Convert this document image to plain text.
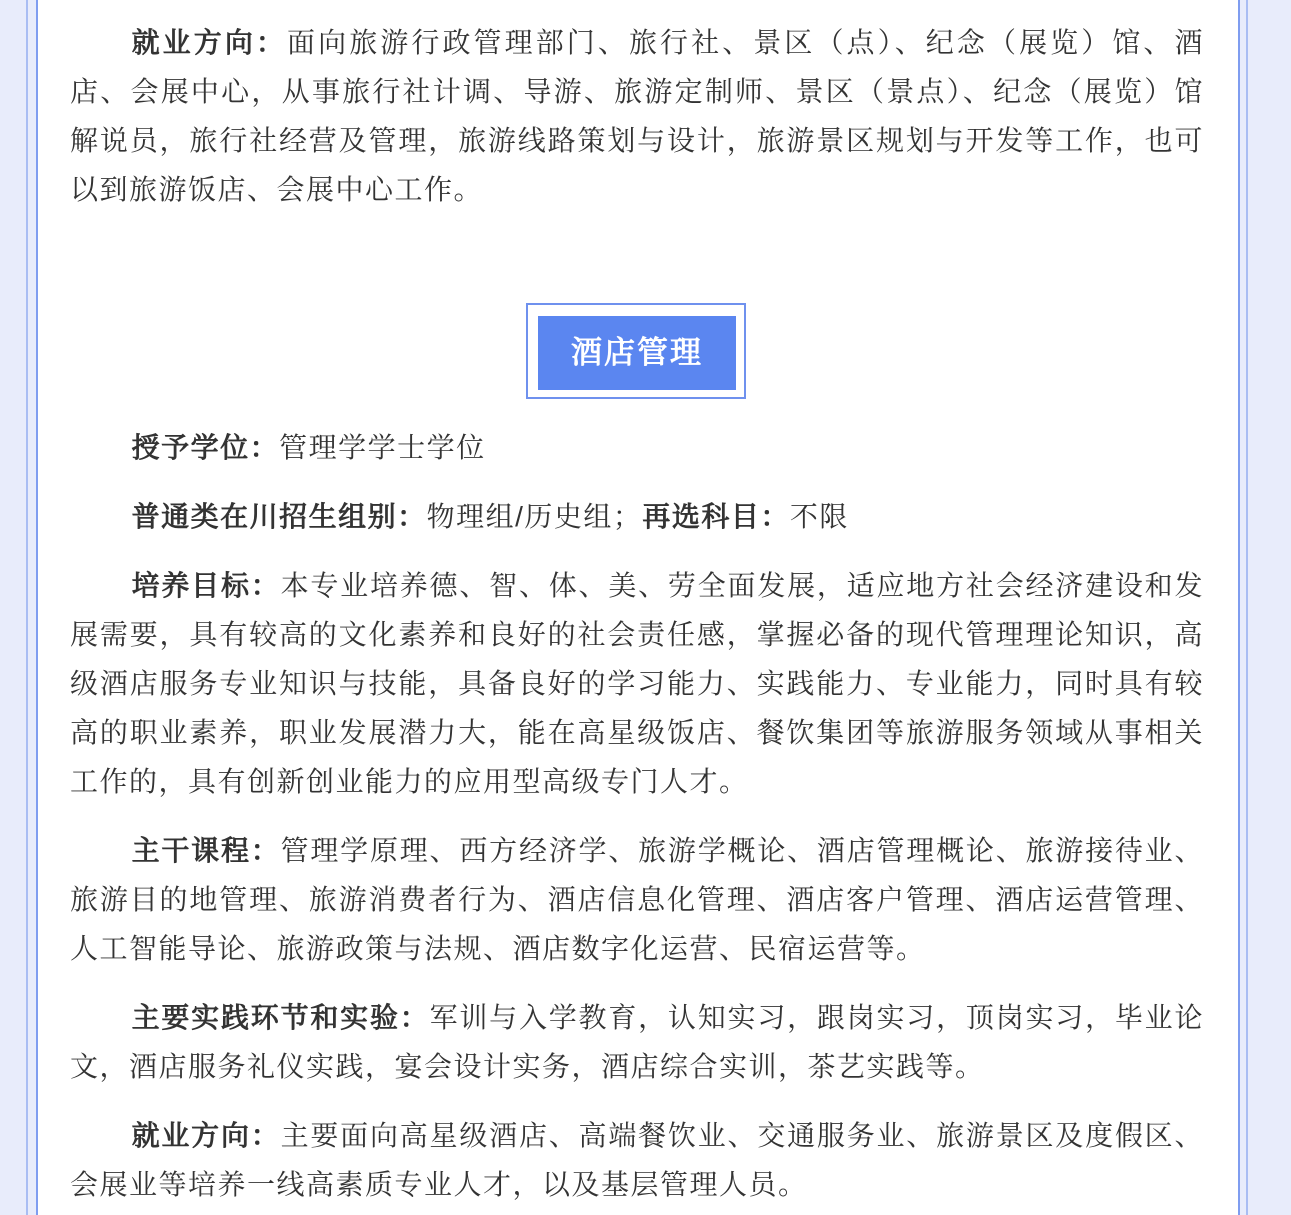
就业方向：面向旅游行政管理部门、旅行社、景区（点）、纪念（展览）馆、酒店、会展中心，从事旅行社计调、导游、旅游定制师、景区（景点）、纪念（展览）馆解说员，旅行社经营及管理，旅游线路策划与设计，旅游景区规划与开发等工作，也可以到旅游饭店、会展中心工作。

酒店管理

授予学位：管理学学士学位

普通类在川招生组别：物理组/历史组；再选科目：不限

培养目标：本专业培养德、智、体、美、劳全面发展，适应地方社会经济建设和发展需要，具有较高的文化素养和良好的社会责任感，掌握必备的现代管理理论知识，高级酒店服务专业知识与技能，具备良好的学习能力、实践能力、专业能力，同时具有较高的职业素养，职业发展潜力大，能在高星级饭店、餐饮集团等旅游服务领域从事相关工作的，具有创新创业能力的应用型高级专门人才。

主干课程：管理学原理、西方经济学、旅游学概论、酒店管理概论、旅游接待业、旅游目的地管理、旅游消费者行为、酒店信息化管理、酒店客户管理、酒店运营管理、人工智能导论、旅游政策与法规、酒店数字化运营、民宿运营等。

主要实践环节和实验：军训与入学教育，认知实习，跟岗实习，顶岗实习，毕业论文，酒店服务礼仪实践，宴会设计实务，酒店综合实训，茶艺实践等。

就业方向：主要面向高星级酒店、高端餐饮业、交通服务业、旅游景区及度假区、会展业等培养一线高素质专业人才，以及基层管理人员。
